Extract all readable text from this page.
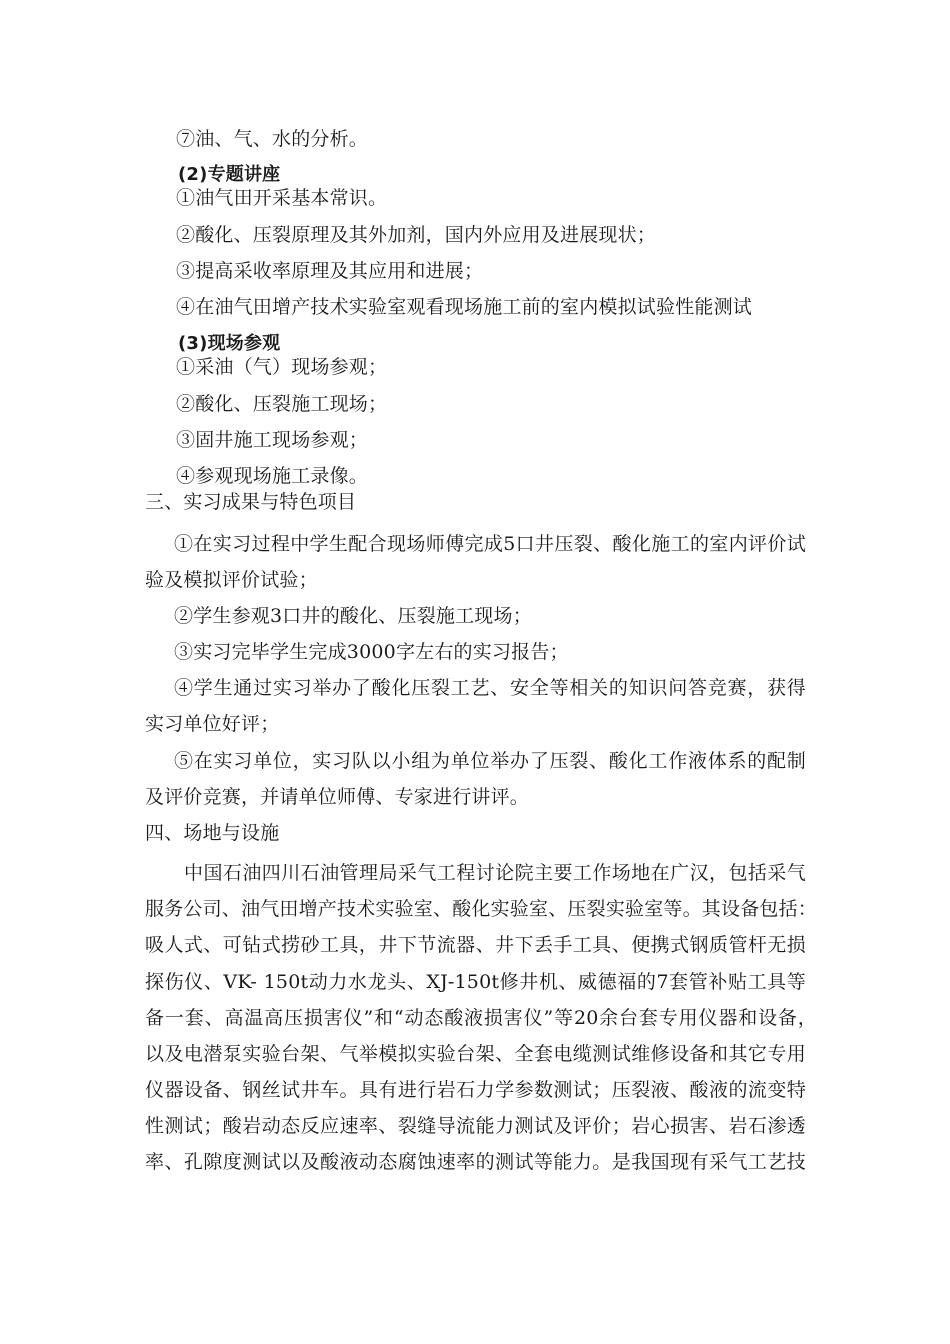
⑦油、气、水的分析。
(2)专题讲座
①油气田开采基本常识。
②酸化、压裂原理及其外加剂，国内外应用及进展现状；
③提高采收率原理及其应用和进展；
④在油气田增产技术实验室观看现场施工前的室内模拟试验性能测试
(3)现场参观
①采油（气）现场参观；
②酸化、压裂施工现场；
③固井施工现场参观；
④参观现场施工录像。
三、实习成果与特色项目
①在实习过程中学生配合现场师傅完成5口井压裂、酸化施工的室内评价试
验及模拟评价试验；
②学生参观3口井的酸化、压裂施工现场；
③实习完毕学生完成3000字左右的实习报告；
④学生通过实习举办了酸化压裂工艺、安全等相关的知识问答竞赛，获得
实习单位好评；
⑤在实习单位，实习队以小组为单位举办了压裂、酸化工作液体系的配制
及评价竞赛，并请单位师傅、专家进行讲评。
四、场地与设施
中国石油四川石油管理局采气工程讨论院主要工作场地在广汉，包括采气
服务公司、油气田增产技术实验室、酸化实验室、压裂实验室等。其设备包括：
吸人式、可钻式捞砂工具，井下节流器、井下丢手工具、便携式钢质管杆无损
探伤仪、VK- 150t动力水龙头、XJ-150t修井机、威德福的7套管补贴工具等
备一套、高温高压损害仪”和“动态酸液损害仪”等20余台套专用仪器和设备，
以及电潜泵实验台架、气举模拟实验台架、全套电缆测试维修设备和其它专用
仪器设备、钢丝试井车。具有进行岩石力学参数测试；压裂液、酸液的流变特
性测试；酸岩动态反应速率、裂缝导流能力测试及评价；岩心损害、岩石渗透
率、孔隙度测试以及酸液动态腐蚀速率的测试等能力。是我国现有采气工艺技
